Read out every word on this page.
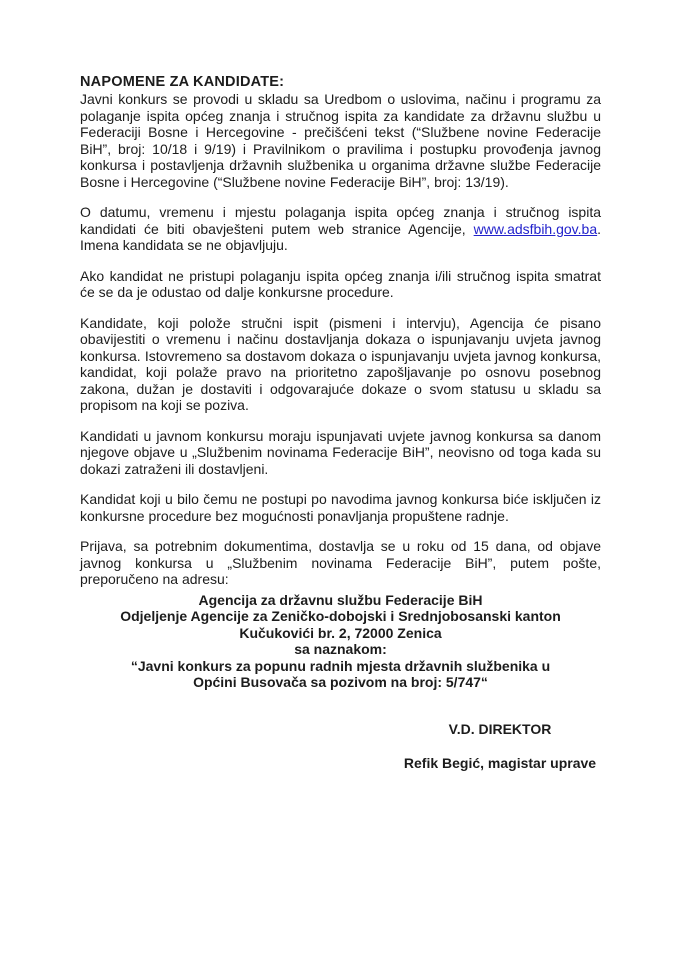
NAPOMENE ZA KANDIDATE:

Javni konkurs se provodi u skladu sa Uredbom o uslovima, načinu i programu za polaganje ispita općeg znanja i stručnog ispita za kandidate za državnu službu u Federaciji Bosne i Hercegovine - prečišćeni tekst (“Službene novine Federacije BiH”, broj: 10/18 i 9/19) i Pravilnikom o pravilima i postupku provođenja javnog konkursa i postavljenja državnih službenika u organima državne službe Federacije Bosne i Hercegovine (“Službene novine Federacije BiH”, broj: 13/19).

O datumu, vremenu i mjestu polaganja ispita općeg znanja i stručnog ispita kandidati će biti obavješteni putem web stranice Agencije, www.adsfbih.gov.ba. Imena kandidata se ne objavljuju.

Ako kandidat ne pristupi polaganju ispita općeg znanja i/ili stručnog ispita smatrat će se da je odustao od dalje konkursne procedure.

Kandidate, koji polože stručni ispit (pismeni i intervju), Agencija će pisano obavijestiti o vremenu i načinu dostavljanja dokaza o ispunjavanju uvjeta javnog konkursa. Istovremeno sa dostavom dokaza o ispunjavanju uvjeta javnog konkursa, kandidat, koji polaže pravo na prioritetno zapošljavanje po osnovu posebnog zakona, dužan je dostaviti i odgovarajuće dokaze o svom statusu u skladu sa propisom na koji se poziva.

Kandidati u javnom konkursu moraju ispunjavati uvjete javnog konkursa sa danom njegove objave u „Službenim novinama Federacije BiH”, neovisno od toga kada su dokazi zatraženi ili dostavljeni.

Kandidat koji u bilo čemu ne postupi po navodima javnog konkursa biće isključen iz konkursne procedure bez mogućnosti ponavljanja propuštene radnje.

Prijava, sa potrebnim dokumentima, dostavlja se u roku od 15 dana, od objave javnog konkursa u „Službenim novinama Federacije BiH”, putem pošte, preporučeno na adresu:

Agencija za državnu službu Federacije BiH
Odjeljenje Agencije za Zeničko-dobojski i Srednjobosanski kanton
Kučukovići br. 2, 72000 Zenica
sa naznakom:
“Javni konkurs za popunu radnih mjesta državnih službenika u
Općini Busovača sa pozivom na broj: 5/747“
V.D. DIREKTOR
Refik Begić, magistar uprave
